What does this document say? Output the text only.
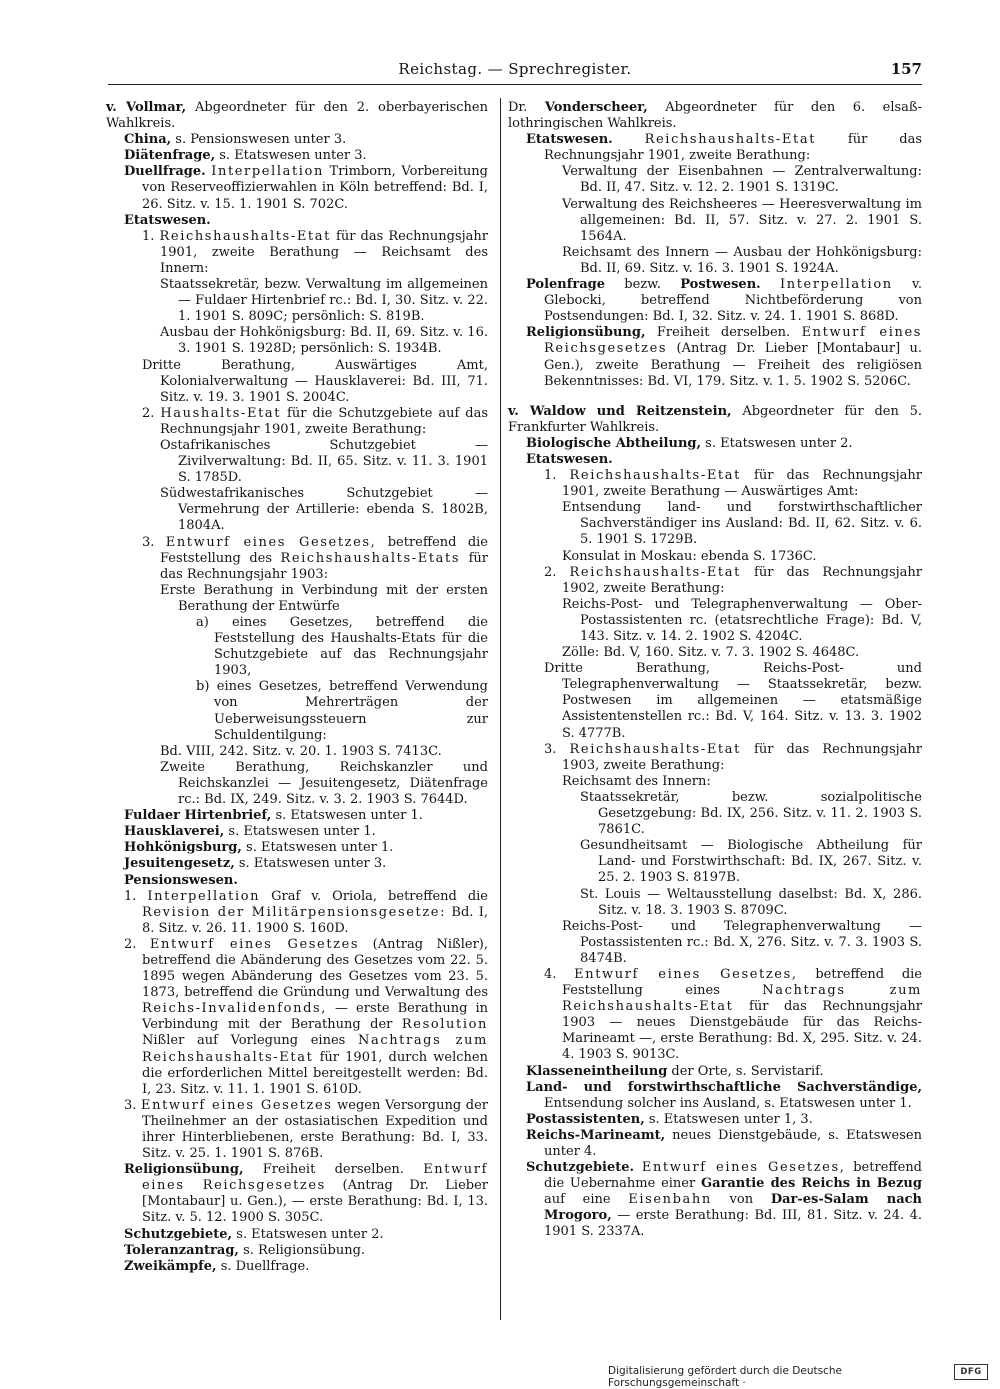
Reichstag. — Sprechregister.	157

v. Vollmar, Abgeordneter für den 2. oberbayerischen Wahlkreis.

China, s. Pensionswesen unter 3.

Diätenfrage, s. Etatswesen unter 3.

Duellfrage. Interpellation Trimborn, Vorbereitung von Reserveoffizierwahlen in Köln betreffend: Bd. I, 26. Sitz. v. 15. 1. 1901 S. 702C.

Etatswesen.

1. Reichshaushalts-Etat für das Rechnungsjahr 1901, zweite Berathung — Reichsamt des Innern:

Staatssekretär, bezw. Verwaltung im allgemeinen — Fuldaer Hirtenbrief rc.: Bd. I, 30. Sitz. v. 22. 1. 1901 S. 809C; persönlich: S. 819B.

Ausbau der Hohkönigsburg: Bd. II, 69. Sitz. v. 16. 3. 1901 S. 1928D; persönlich: S. 1934B.

Dritte Berathung, Auswärtiges Amt, Kolonialverwaltung — Hausklaverei: Bd. III, 71. Sitz. v. 19. 3. 1901 S. 2004C.

2. Haushalts-Etat für die Schutzgebiete auf das Rechnungsjahr 1901, zweite Berathung:

Ostafrikanisches Schutzgebiet — Zivilverwaltung: Bd. II, 65. Sitz. v. 11. 3. 1901 S. 1785D.

Südwestafrikanisches Schutzgebiet — Vermehrung der Artillerie: ebenda S. 1802B, 1804A.

3. Entwurf eines Gesetzes, betreffend die Feststellung des Reichshaushalts-Etats für das Rechnungsjahr 1903:

Erste Berathung in Verbindung mit der ersten Berathung der Entwürfe

a) eines Gesetzes, betreffend die Feststellung des Haushalts-Etats für die Schutzgebiete auf das Rechnungsjahr 1903,

b) eines Gesetzes, betreffend Verwendung von Mehrerträgen der Ueberweisungssteuern zur Schuldentilgung:

Bd. VIII, 242. Sitz. v. 20. 1. 1903 S. 7413C.

Zweite Berathung, Reichskanzler und Reichskanzlei — Jesuitengesetz, Diätenfrage rc.: Bd. IX, 249. Sitz. v. 3. 2. 1903 S. 7644D.

Fuldaer Hirtenbrief, s. Etatswesen unter 1.

Hausklaverei, s. Etatswesen unter 1.

Hohkönigsburg, s. Etatswesen unter 1.

Jesuitengesetz, s. Etatswesen unter 3.

Pensionswesen.

1. Interpellation Graf v. Oriola, betreffend die Revision der Militärpensionsgesetze: Bd. I, 8. Sitz. v. 26. 11. 1900 S. 160D.

2. Entwurf eines Gesetzes (Antrag Nißler), betreffend die Abänderung des Gesetzes vom 22. 5. 1895 wegen Abänderung des Gesetzes vom 23. 5. 1873, betreffend die Gründung und Verwaltung des Reichs-Invalidenfonds, — erste Berathung in Verbindung mit der Berathung der Resolution Nißler auf Vorlegung eines Nachtrags zum Reichshaushalts-Etat für 1901, durch welchen die erforderlichen Mittel bereitgestellt werden: Bd. I, 23. Sitz. v. 11. 1. 1901 S. 610D.

3. Entwurf eines Gesetzes wegen Versorgung der Theilnehmer an der ostasiatischen Expedition und ihrer Hinterbliebenen, erste Berathung: Bd. I, 33. Sitz. v. 25. 1. 1901 S. 876B.

Religionsübung, Freiheit derselben. Entwurf eines Reichsgesetzes (Antrag Dr. Lieber [Montabaur] u. Gen.), — erste Berathung: Bd. I, 13. Sitz. v. 5. 12. 1900 S. 305C.

Schutzgebiete, s. Etatswesen unter 2.

Toleranzantrag, s. Religionsübung.

Zweikämpfe, s. Duellfrage.

Dr. Vonderscheer, Abgeordneter für den 6. elsaß-lothringischen Wahlkreis.

Etatswesen. Reichshaushalts-Etat für das Rechnungsjahr 1901, zweite Berathung:

Verwaltung der Eisenbahnen — Zentralverwaltung: Bd. II, 47. Sitz. v. 12. 2. 1901 S. 1319C.

Verwaltung des Reichsheeres — Heeresverwaltung im allgemeinen: Bd. II, 57. Sitz. v. 27. 2. 1901 S. 1564A.

Reichsamt des Innern — Ausbau der Hohkönigsburg: Bd. II, 69. Sitz. v. 16. 3. 1901 S. 1924A.

Polenfrage bezw. Postwesen. Interpellation v. Glebocki, betreffend Nichtbeförderung von Postsendungen: Bd. I, 32. Sitz. v. 24. 1. 1901 S. 868D.

Religionsübung, Freiheit derselben. Entwurf eines Reichsgesetzes (Antrag Dr. Lieber [Montabaur] u. Gen.), zweite Berathung — Freiheit des religiösen Bekenntnisses: Bd. VI, 179. Sitz. v. 1. 5. 1902 S. 5206C.

v. Waldow und Reitzenstein, Abgeordneter für den 5. Frankfurter Wahlkreis.

Biologische Abtheilung, s. Etatswesen unter 2.

Etatswesen.

1. Reichshaushalts-Etat für das Rechnungsjahr 1901, zweite Berathung — Auswärtiges Amt:

Entsendung land- und forstwirthschaftlicher Sachverständiger ins Ausland: Bd. II, 62. Sitz. v. 6. 5. 1901 S. 1729B.

Konsulat in Moskau: ebenda S. 1736C.

2. Reichshaushalts-Etat für das Rechnungsjahr 1902, zweite Berathung:

Reichs-Post- und Telegraphenverwaltung — Ober-Postassistenten rc. (etatsrechtliche Frage): Bd. V, 143. Sitz. v. 14. 2. 1902 S. 4204C.

Zölle: Bd. V, 160. Sitz. v. 7. 3. 1902 S. 4648C.

Dritte Berathung, Reichs-Post- und Telegraphenverwaltung — Staatssekretär, bezw. Postwesen im allgemeinen — etatsmäßige Assistentenstellen rc.: Bd. V, 164. Sitz. v. 13. 3. 1902 S. 4777B.

3. Reichshaushalts-Etat für das Rechnungsjahr 1903, zweite Berathung:

Reichsamt des Innern:

Staatssekretär, bezw. sozialpolitische Gesetzgebung: Bd. IX, 256. Sitz. v. 11. 2. 1903 S. 7861C.

Gesundheitsamt — Biologische Abtheilung für Land- und Forstwirthschaft: Bd. IX, 267. Sitz. v. 25. 2. 1903 S. 8197B.

St. Louis — Weltausstellung daselbst: Bd. X, 286. Sitz. v. 18. 3. 1903 S. 8709C.

Reichs-Post- und Telegraphenverwaltung — Postassistenten rc.: Bd. X, 276. Sitz. v. 7. 3. 1903 S. 8474B.

4. Entwurf eines Gesetzes, betreffend die Feststellung eines Nachtrags zum Reichshaushalts-Etat für das Rechnungsjahr 1903 — neues Dienstgebäude für das Reichs-Marineamt —, erste Berathung: Bd. X, 295. Sitz. v. 24. 4. 1903 S. 9013C.

Klasseneintheilung der Orte, s. Servistarif.

Land- und forstwirthschaftliche Sachverständige, Entsendung solcher ins Ausland, s. Etatswesen unter 1.

Postassistenten, s. Etatswesen unter 1, 3.

Reichs-Marineamt, neues Dienstgebäude, s. Etatswesen unter 4.

Schutzgebiete. Entwurf eines Gesetzes, betreffend die Uebernahme einer Garantie des Reichs in Bezug auf eine Eisenbahn von Dar-es-Salam nach Mrogoro, — erste Berathung: Bd. III, 81. Sitz. v. 24. 4. 1901 S. 2337A.

Digitalisierung gefördert durch die Deutsche Forschungsgemeinschaft ·
DFG
